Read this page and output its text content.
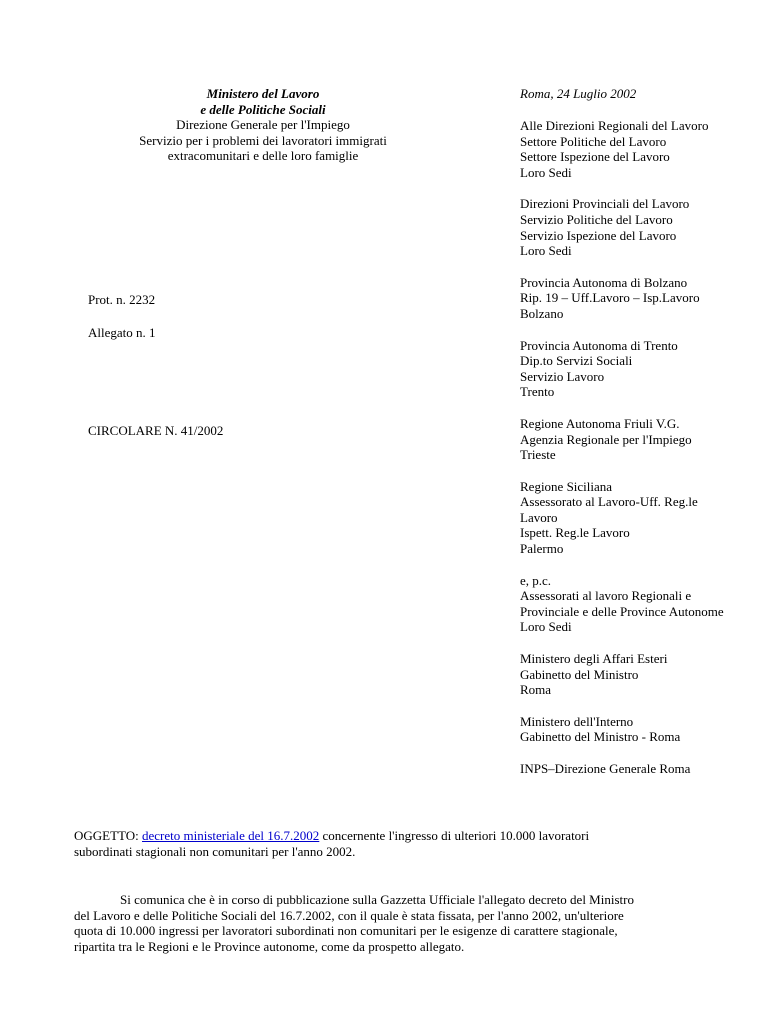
Ministero del Lavoro
e delle Politiche Sociali
Direzione Generale per l'Impiego
Servizio per i problemi dei lavoratori immigrati
extracomunitari e delle loro famiglie
Roma, 24 Luglio 2002
Alle Direzioni Regionali del Lavoro
Settore Politiche del Lavoro
Settore Ispezione del Lavoro
Loro Sedi
Direzioni Provinciali del Lavoro
Servizio Politiche del Lavoro
Servizio Ispezione del Lavoro
Loro Sedi
Provincia Autonoma di Bolzano
Rip. 19 – Uff.Lavoro – Isp.Lavoro
Bolzano
Provincia Autonoma di Trento
Dip.to Servizi Sociali
Servizio Lavoro
Trento
Regione Autonoma Friuli V.G.
Agenzia Regionale per l'Impiego
Trieste
Regione Siciliana
Assessorato al Lavoro-Uff. Reg.le
Lavoro
Ispett. Reg.le Lavoro
Palermo
e, p.c.
Assessorati al lavoro Regionali e
Provinciale e delle Province Autonome
Loro Sedi
Ministero degli Affari Esteri
Gabinetto del Ministro
Roma
Ministero dell'Interno
Gabinetto del Ministro - Roma
INPS–Direzione Generale Roma
Prot. n. 2232
Allegato n. 1
CIRCOLARE N. 41/2002
OGGETTO: decreto ministeriale del 16.7.2002 concernente l'ingresso di ulteriori 10.000 lavoratori
subordinati stagionali non comunitari per l'anno 2002.
Si comunica che è in corso di pubblicazione sulla Gazzetta Ufficiale l'allegato decreto del Ministro
del Lavoro e delle Politiche Sociali del 16.7.2002, con il quale è stata fissata, per l'anno 2002, un'ulteriore
quota di 10.000 ingressi per lavoratori subordinati non comunitari per le esigenze di carattere stagionale,
ripartita tra le Regioni e le Province autonome, come da prospetto allegato.
